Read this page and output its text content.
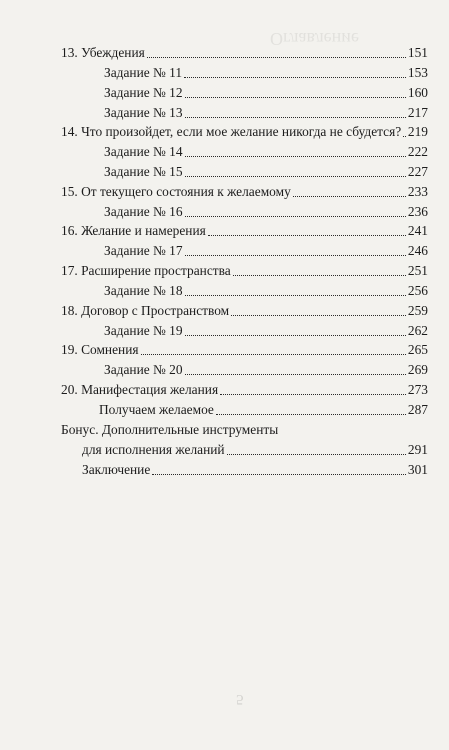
13. Убеждения	151
Задание № 11	153
Задание № 12	160
Задание № 13	217
14. Что произойдет, если мое желание никогда не сбудется? 219
Задание № 14	222
Задание № 15	227
15. От текущего состояния к желаемому	233
Задание № 16	236
16. Желание и намерения	241
Задание № 17	246
17. Расширение пространства	251
Задание № 18	256
18. Договор с Пространством	259
Задание № 19	262
19. Сомнения	265
Задание № 20	269
20. Манифестация желания	273
Получаем желаемое	287
Бонус. Дополнительные инструменты
для исполнения желаний	291
Заключение	301
Оглавление
5
